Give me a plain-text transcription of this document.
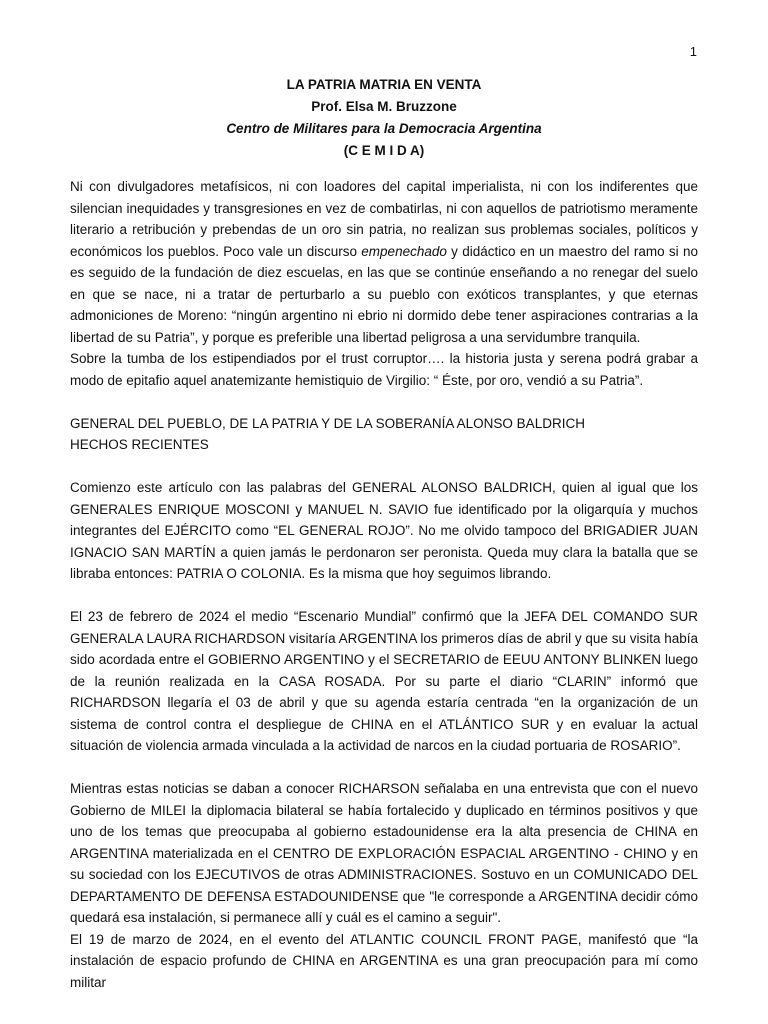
1
LA PATRIA MATRIA EN VENTA
Prof. Elsa M. Bruzzone
Centro de Militares para la Democracia Argentina
(C E M I D A)

Ni con divulgadores metafísicos, ni con loadores del capital imperialista, ni con los indiferentes que silencian inequidades y transgresiones en vez de combatirlas, ni con aquellos de patriotismo meramente literario a retribución y prebendas de un oro sin patria, no realizan sus problemas sociales, políticos y económicos los pueblos. Poco vale un discurso empenechado y didáctico en un maestro del ramo si no es seguido de la fundación de diez escuelas, en las que se continúe enseñando a no renegar del suelo en que se nace, ni a tratar de perturbarlo a su pueblo con exóticos transplantes, y que eternas admoniciones de Moreno: “ningún argentino ni ebrio ni dormido debe tener aspiraciones contrarias a la libertad de su Patria”, y porque es preferible una libertad peligrosa a una servidumbre tranquila.

Sobre la tumba de los estipendiados por el trust corruptor…. la historia justa y serena podrá grabar a modo de epitafio aquel anatemizante hemistiquio de Virgilio: “ Éste, por oro, vendió a su Patria”.

GENERAL DEL PUEBLO, DE LA PATRIA Y DE LA SOBERANÍA ALONSO BALDRICH

HECHOS RECIENTES

Comienzo este artículo con las palabras del GENERAL ALONSO BALDRICH, quien al igual que los GENERALES ENRIQUE MOSCONI y MANUEL N. SAVIO fue identificado por la oligarquía y muchos integrantes del EJÉRCITO como “EL GENERAL ROJO”. No me olvido tampoco del BRIGADIER JUAN IGNACIO SAN MARTÍN a quien jamás le perdonaron ser peronista. Queda muy clara la batalla que se libraba entonces: PATRIA O COLONIA. Es la misma que hoy seguimos librando.

El 23 de febrero de 2024 el medio “Escenario Mundial” confirmó que la JEFA DEL COMANDO SUR GENERALA LAURA RICHARDSON visitaría ARGENTINA los primeros días de abril y que su visita había sido acordada entre el GOBIERNO ARGENTINO y el SECRETARIO de EEUU ANTONY BLINKEN luego de la reunión realizada en la CASA ROSADA. Por su parte el diario “CLARIN” informó que RICHARDSON llegaría el 03 de abril y que su agenda estaría centrada “en la organización de un sistema de control contra el despliegue de CHINA en el ATLÁNTICO SUR y en evaluar la actual situación de violencia armada vinculada a la actividad de narcos en la ciudad portuaria de ROSARIO”.

Mientras estas noticias se daban a conocer RICHARSON señalaba en una entrevista que con el nuevo Gobierno de MILEI la diplomacia bilateral se había fortalecido y duplicado en términos positivos y que uno de los temas que preocupaba al gobierno estadounidense era la alta presencia de CHINA en ARGENTINA materializada en el CENTRO DE EXPLORACIÓN ESPACIAL ARGENTINO - CHINO y en su sociedad con los EJECUTIVOS de otras ADMINISTRACIONES. Sostuvo en un COMUNICADO DEL DEPARTAMENTO DE DEFENSA ESTADOUNIDENSE que "le corresponde a ARGENTINA decidir cómo quedará esa instalación, si permanece allí y cuál es el camino a seguir".

El 19 de marzo de 2024, en el evento del ATLANTIC COUNCIL FRONT PAGE, manifestó que “la instalación de espacio profundo de CHINA en ARGENTINA es una gran preocupación para mí como militar
